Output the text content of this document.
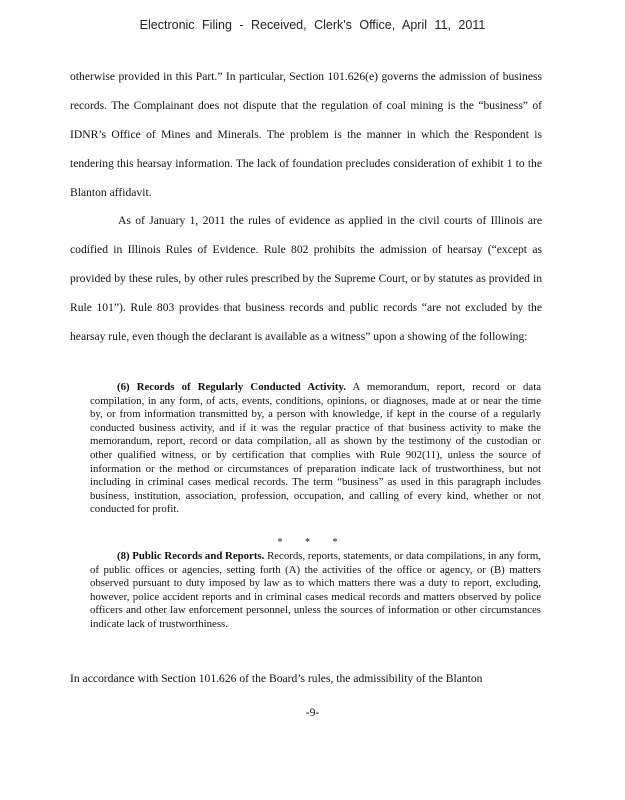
Electronic Filing - Received, Clerk's Office, April 11, 2011

otherwise provided in this Part.” In particular, Section 101.626(e) governs the admission of business records. The Complainant does not dispute that the regulation of coal mining is the “business” of IDNR’s Office of Mines and Minerals. The problem is the manner in which the Respondent is tendering this hearsay information. The lack of foundation precludes consideration of exhibit 1 to the Blanton affidavit.

As of January 1, 2011 the rules of evidence as applied in the civil courts of Illinois are codified in Illinois Rules of Evidence. Rule 802 prohibits the admission of hearsay (“except as provided by these rules, by other rules prescribed by the Supreme Court, or by statutes as provided in Rule 101”). Rule 803 provides that business records and public records “are not excluded by the hearsay rule, even though the declarant is available as a witness” upon a showing of the following:

(6) Records of Regularly Conducted Activity. A memorandum, report, record or data compilation, in any form, of acts, events, conditions, opinions, or diagnoses, made at or near the time by, or from information transmitted by, a person with knowledge, if kept in the course of a regularly conducted business activity, and if it was the regular practice of that business activity to make the memorandum, report, record or data compilation, all as shown by the testimony of the custodian or other qualified witness, or by certification that complies with Rule 902(11), unless the source of information or the method or circumstances of preparation indicate lack of trustworthiness, but not including in criminal cases medical records. The term “business” as used in this paragraph includes business, institution, association, profession, occupation, and calling of every kind, whether or not conducted for profit.

* * *

(8) Public Records and Reports. Records, reports, statements, or data compilations, in any form, of public offices or agencies, setting forth (A) the activities of the office or agency, or (B) matters observed pursuant to duty imposed by law as to which matters there was a duty to report, excluding, however, police accident reports and in criminal cases medical records and matters observed by police officers and other law enforcement personnel, unless the sources of information or other circumstances indicate lack of trustworthiness.

In accordance with Section 101.626 of the Board’s rules, the admissibility of the Blanton

-9-
